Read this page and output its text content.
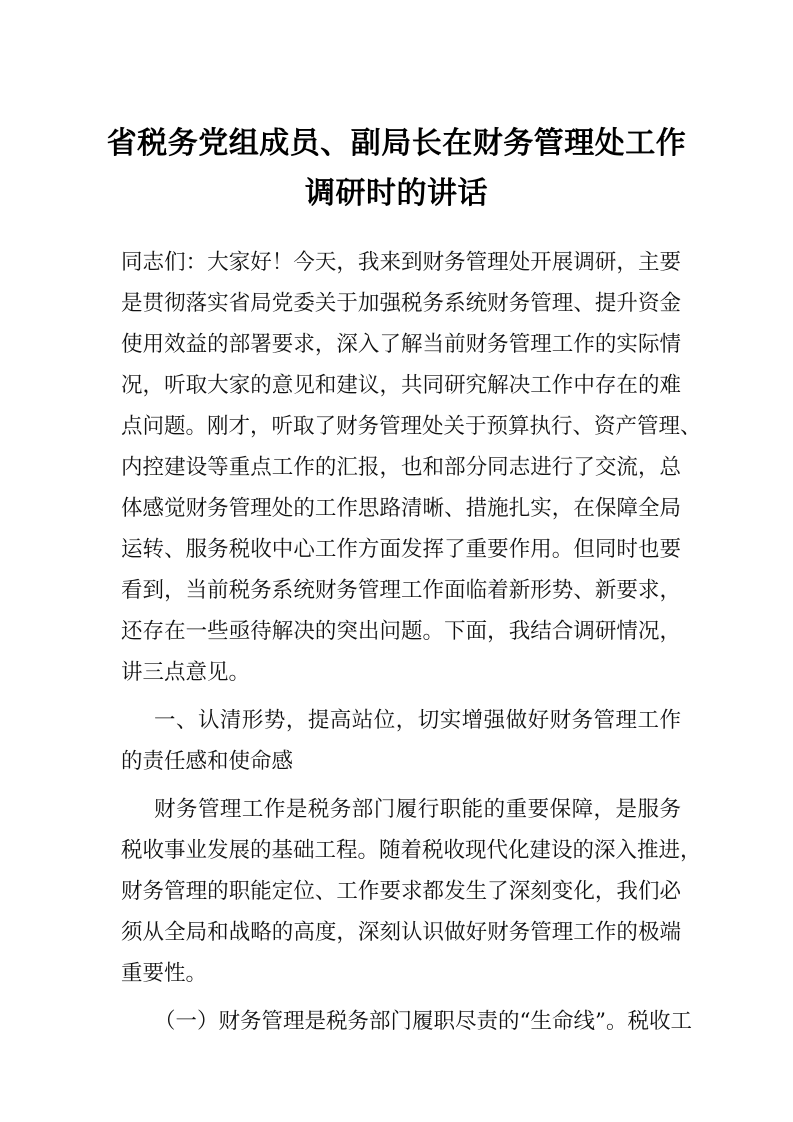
省税务党组成员、副局长在财务管理处工作
调研时的讲话
同志们：大家好！今天，我来到财务管理处开展调研，主要
是贯彻落实省局党委关于加强税务系统财务管理、提升资金
使用效益的部署要求，深入了解当前财务管理工作的实际情
况，听取大家的意见和建议，共同研究解决工作中存在的难
点问题。刚才，听取了财务管理处关于预算执行、资产管理、
内控建设等重点工作的汇报，也和部分同志进行了交流，总
体感觉财务管理处的工作思路清晰、措施扎实，在保障全局
运转、服务税收中心工作方面发挥了重要作用。但同时也要
看到，当前税务系统财务管理工作面临着新形势、新要求，
还存在一些亟待解决的突出问题。下面，我结合调研情况，
讲三点意见。
一、认清形势，提高站位，切实增强做好财务管理工作
的责任感和使命感
财务管理工作是税务部门履行职能的重要保障，是服务
税收事业发展的基础工程。随着税收现代化建设的深入推进，
财务管理的职能定位、工作要求都发生了深刻变化，我们必
须从全局和战略的高度，深刻认识做好财务管理工作的极端
重要性。
（一）财务管理是税务部门履职尽责的“生命线”。税收工
